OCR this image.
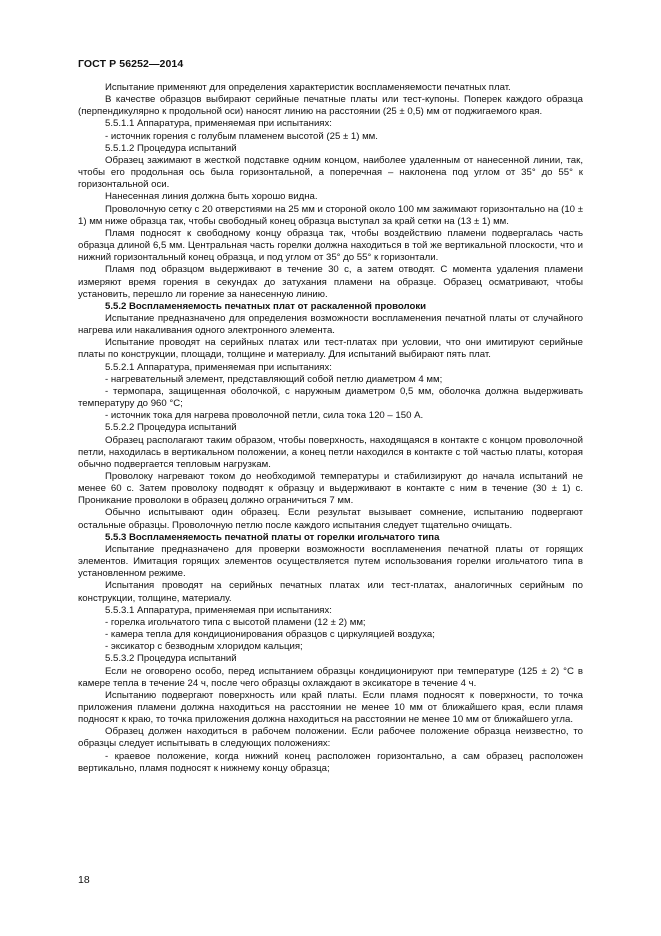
ГОСТ Р 56252—2014

Испытание применяют для определения характеристик воспламеняемости печатных плат.

В качестве образцов выбирают серийные печатные платы или тест-купоны. Поперек каждого образца (перпендикулярно к продольной оси) наносят линию на расстоянии (25 ± 0,5) мм от поджигаемого края.

5.5.1.1 Аппаратура, применяемая при испытаниях:

- источник горения с голубым пламенем высотой (25 ± 1) мм.

5.5.1.2 Процедура испытаний

Образец зажимают в жесткой подставке одним концом, наиболее удаленным от нанесенной линии, так, чтобы его продольная ось была горизонтальной, а поперечная – наклонена под углом от 35° до 55° к горизонтальной оси.

Нанесенная линия должна быть хорошо видна.

Проволочную сетку с 20 отверстиями на 25 мм и стороной около 100 мм зажимают горизонтально на (10 ± 1) мм ниже образца так, чтобы свободный конец образца выступал за край сетки на (13 ± 1) мм.

Пламя подносят к свободному концу образца так, чтобы воздействию пламени подвергалась часть образца длиной 6,5 мм. Центральная часть горелки должна находиться в той же вертикальной плоскости, что и нижний горизонтальный конец образца, и под углом от 35° до 55° к горизонтали.

Пламя под образцом выдерживают в течение 30 с, а затем отводят. С момента удаления пламени измеряют время горения в секундах до затухания пламени на образце. Образец осматривают, чтобы установить, перешло ли горение за нанесенную линию.

5.5.2 Воспламеняемость печатных плат от раскаленной проволоки

Испытание предназначено для определения возможности воспламенения печатной платы от случайного нагрева или накаливания одного электронного элемента.

Испытание проводят на серийных платах или тест-платах при условии, что они имитируют серийные платы по конструкции, площади, толщине и материалу. Для испытаний выбирают пять плат.

5.5.2.1 Аппаратура, применяемая при испытаниях:

- нагревательный элемент, представляющий собой петлю диаметром 4 мм;

- термопара, защищенная оболочкой, с наружным диаметром 0,5 мм, оболочка должна выдерживать температуру до 960 °С;

- источник тока для нагрева проволочной петли, сила тока 120 – 150 А.

5.5.2.2 Процедура испытаний

Образец располагают таким образом, чтобы поверхность, находящаяся в контакте с концом проволочной петли, находилась в вертикальном положении, а конец петли находился в контакте с той частью платы, которая обычно подвергается тепловым нагрузкам.

Проволоку нагревают током до необходимой температуры и стабилизируют до начала испытаний не менее 60 с. Затем проволоку подводят к образцу и выдерживают в контакте с ним в течение (30 ± 1) с. Проникание проволоки в образец должно ограничиться 7 мм.

Обычно испытывают один образец. Если результат вызывает сомнение, испытанию подвергают остальные образцы. Проволочную петлю после каждого испытания следует тщательно очищать.

5.5.3 Воспламеняемость печатной платы от горелки игольчатого типа

Испытание предназначено для проверки возможности воспламенения печатной платы от горящих элементов. Имитация горящих элементов осуществляется путем использования горелки игольчатого типа в установленном режиме.

Испытания проводят на серийных печатных платах или тест-платах, аналогичных серийным по конструкции, толщине, материалу.

5.5.3.1 Аппаратура, применяемая при испытаниях:

- горелка игольчатого типа с высотой пламени (12 ± 2) мм;

- камера тепла для кондиционирования образцов с циркуляцией воздуха;

- эксикатор с безводным хлоридом кальция;

5.5.3.2 Процедура испытаний

Если не оговорено особо, перед испытанием образцы кондиционируют при температуре (125 ± 2) °С в камере тепла в течение 24 ч, после чего образцы охлаждают в эксикаторе в течение 4 ч.

Испытанию подвергают поверхность или край платы. Если пламя подносят к поверхности, то точка приложения пламени должна находиться на расстоянии не менее 10 мм от ближайшего края, если пламя подносят к краю, то точка приложения должна находиться на расстоянии не менее 10 мм от ближайшего угла.

Образец должен находиться в рабочем положении. Если рабочее положение образца неизвестно, то образцы следует испытывать в следующих положениях:

- краевое положение, когда нижний конец расположен горизонтально, а сам образец расположен вертикально, пламя подносят к нижнему концу образца;

18
